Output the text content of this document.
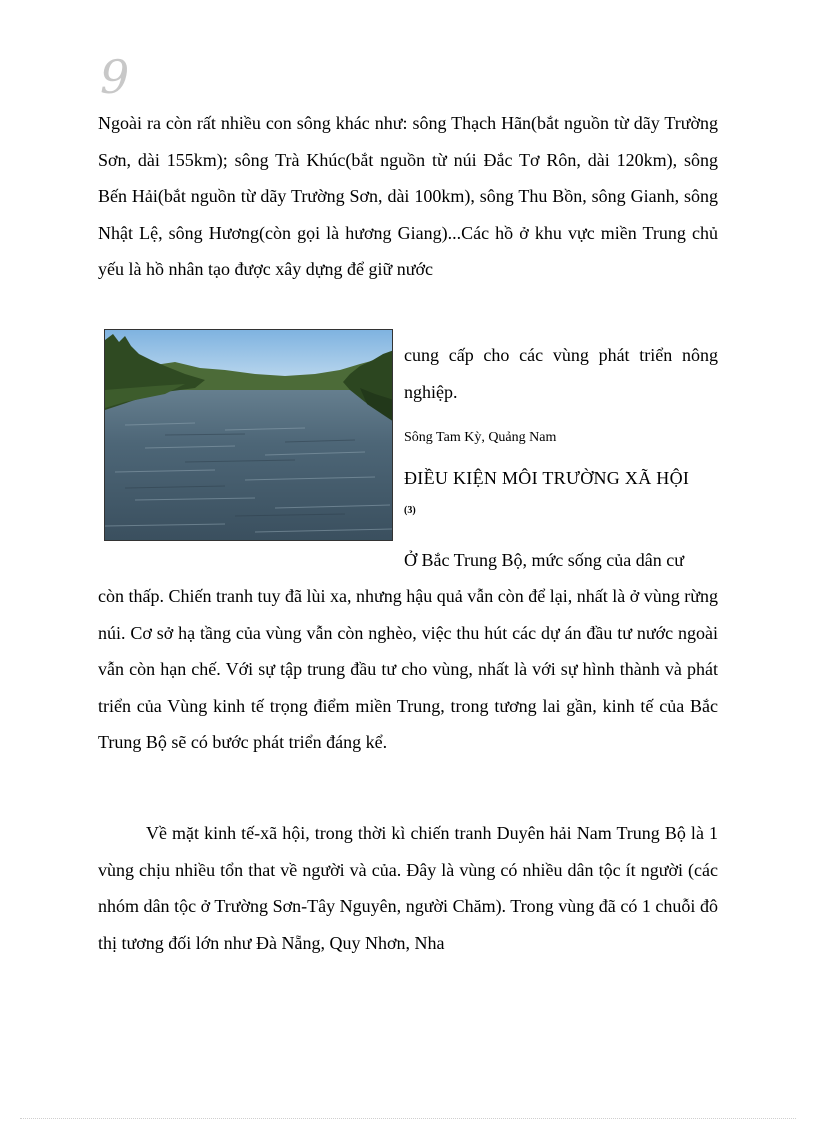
9

Ngoài ra còn rất nhiều con sông khác như: sông Thạch Hãn(bắt nguồn từ dãy Trường Sơn, dài 155km); sông Trà Khúc(bắt nguồn từ núi Đắc Tơ Rôn, dài 120km), sông Bến Hải(bắt nguồn từ dãy Trường Sơn, dài 100km), sông Thu Bồn, sông Gianh, sông Nhật Lệ, sông Hương(còn gọi là hương Giang)...Các hồ ở khu vực miền Trung chủ yếu là hồ nhân tạo được xây dựng để giữ nước

cung cấp cho các vùng phát triển nông nghiệp.

Sông Tam Kỳ, Quảng Nam
ĐIỀU KIỆN MÔI TRƯỜNG XÃ HỘI
(3)

Ở Bắc Trung Bộ, mức sống của dân cư

còn thấp. Chiến tranh tuy đã lùi xa, nhưng hậu quả vẫn còn để lại, nhất là ở vùng rừng núi. Cơ sở hạ tầng của vùng vẫn còn nghèo, việc thu hút các dự án đầu tư nước ngoài vẫn còn hạn chế. Với sự tập trung đầu tư cho vùng, nhất là với sự hình thành và phát triển của Vùng kinh tế trọng điểm miền Trung, trong tương lai gần, kinh tế của Bắc Trung Bộ sẽ có bước phát triển đáng kể.

Về mặt kinh tế-xã hội, trong thời kì chiến tranh Duyên hải Nam Trung Bộ là 1 vùng chịu nhiều tổn that về người và của. Đây là vùng có nhiều dân tộc ít người (các nhóm dân tộc ở Trường Sơn-Tây Nguyên, người Chăm). Trong vùng đã có 1 chuỗi đô thị tương đối lớn như Đà Nẵng, Quy Nhơn, Nha
